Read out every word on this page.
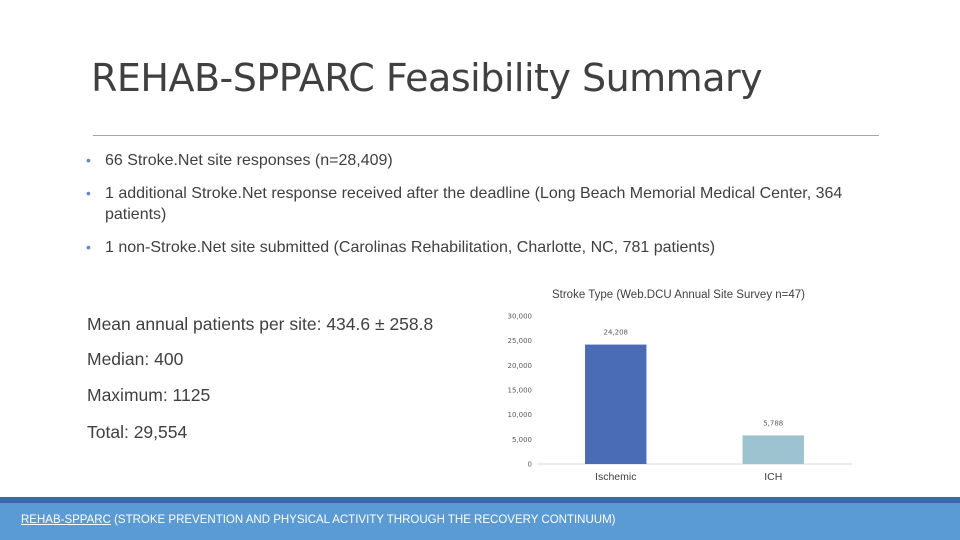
REHAB-SPPARC Feasibility Summary
• 66 Stroke.Net site responses (n=28,409)
• 1 additional Stroke.Net response received after the deadline (Long Beach Memorial Medical Center, 364 patients)
• 1 non-Stroke.Net site submitted (Carolinas Rehabilitation, Charlotte, NC, 781 patients)
Mean annual patients per site: 434.6 ± 258.8
Median: 400
Maximum: 1125
Total: 29,554
Stroke Type (Web.DCU Annual Site Survey n=47)
0
5,000
10,000
15,000
20,000
25,000
30,000
24,208
Ischemic
5,788
ICH
REHAB-SPPARC (STROKE PREVENTION AND PHYSICAL ACTIVITY THROUGH THE RECOVERY CONTINUUM)
